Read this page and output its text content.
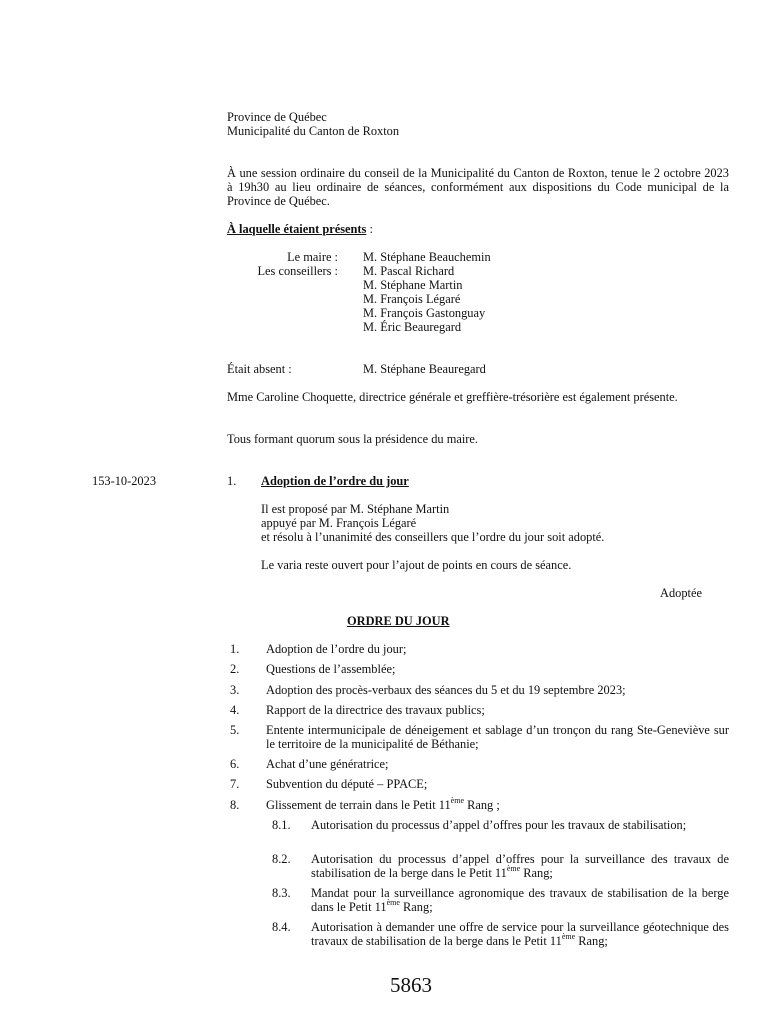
Province de Québec
Municipalité du Canton de Roxton
À une session ordinaire du conseil de la Municipalité du Canton de Roxton, tenue le 2 octobre 2023 à 19h30 au lieu ordinaire de séances, conformément aux dispositions du Code municipal de la Province de Québec.
À laquelle étaient présents :
Le maire :
Les conseillers :
M. Stéphane Beauchemin
M. Pascal Richard
M. Stéphane Martin
M. François Légaré
M. François Gastonguay
M. Éric Beauregard
Était absent :	M. Stéphane Beauregard
Mme Caroline Choquette, directrice générale et greffière-trésorière est également présente.
Tous formant quorum sous la présidence du maire.
153-10-2023	1. Adoption de l’ordre du jour
Il est proposé par M. Stéphane Martin
appuyé par M. François Légaré
et résolu à l’unanimité des conseillers que l’ordre du jour soit adopté.
Le varia reste ouvert pour l’ajout de points en cours de séance.
Adoptée
ORDRE DU JOUR
1. Adoption de l’ordre du jour;
2. Questions de l’assemblée;
3. Adoption des procès-verbaux des séances du 5 et du 19 septembre 2023;
4. Rapport de la directrice des travaux publics;
5. Entente intermunicipale de déneigement et sablage d’un tronçon du rang Ste-Geneviève sur le territoire de la municipalité de Béthanie;
6. Achat d’une génératrice;
7. Subvention du député – PPACE;
8. Glissement de terrain dans le Petit 11ème Rang ;
8.1. Autorisation du processus d’appel d’offres pour les travaux de stabilisation;
8.2. Autorisation du processus d’appel d’offres pour la surveillance des travaux de stabilisation de la berge dans le Petit 11ème Rang;
8.3. Mandat pour la surveillance agronomique des travaux de stabilisation de la berge dans le Petit 11ème Rang;
8.4. Autorisation à demander une offre de service pour la surveillance géotechnique des travaux de stabilisation de la berge dans le Petit 11ème Rang;
5863
